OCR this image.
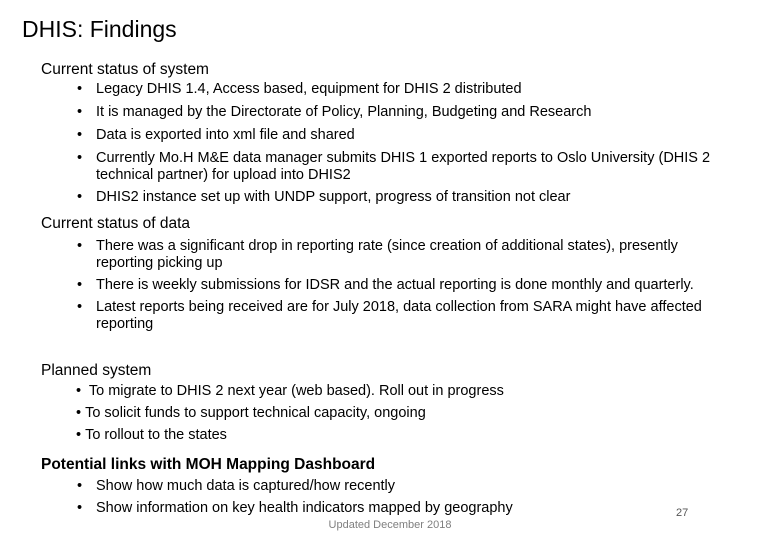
DHIS: Findings
Current status of system
• Legacy DHIS 1.4, Access based, equipment for DHIS 2 distributed
• It is managed by the Directorate of Policy, Planning, Budgeting and Research
• Data is exported into xml file and shared
• Currently Mo.H M&E data manager submits DHIS 1 exported reports to Oslo University (DHIS 2 technical partner) for upload into DHIS2
• DHIS2 instance set up with UNDP support, progress of transition not clear
Current status of data
• There was a significant drop in reporting rate (since creation of additional states), presently reporting picking up
• There is weekly submissions for IDSR and the actual reporting is done monthly and quarterly.
• Latest reports being received are for July 2018, data collection from SARA might have affected reporting
Planned system
• To migrate to DHIS 2 next year (web based). Roll out in progress
• To solicit funds to support technical capacity, ongoing
• To rollout to the states
Potential links with MOH Mapping Dashboard
• Show how much data is captured/how recently
• Show information on key health indicators mapped by geography	27
Updated December 2018
